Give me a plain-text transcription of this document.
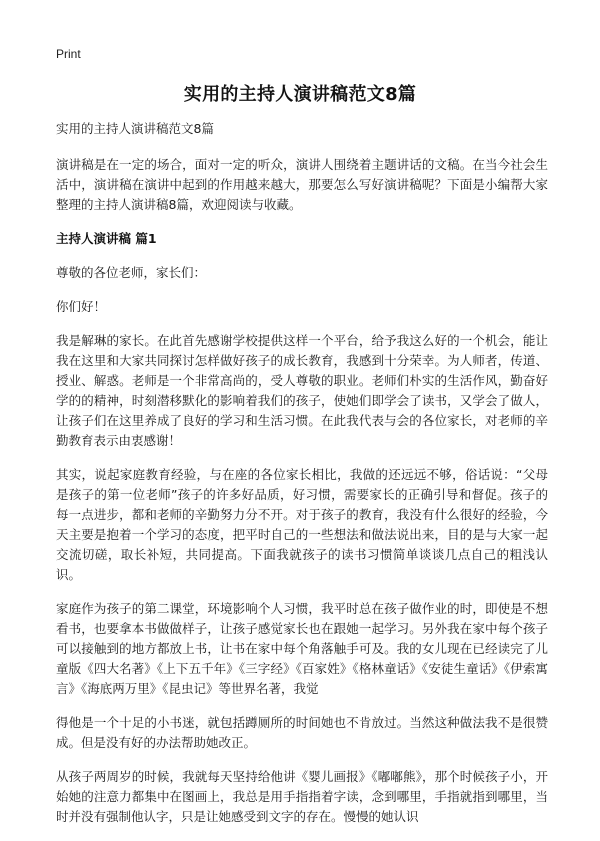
Print
实用的主持人演讲稿范文8篇

实用的主持人演讲稿范文8篇

演讲稿是在一定的场合，面对一定的听众，演讲人围绕着主题讲话的文稿。在当今社会生活中，演讲稿在演讲中起到的作用越来越大，那要怎么写好演讲稿呢？下面是小编帮大家整理的主持人演讲稿8篇，欢迎阅读与收藏。

主持人演讲稿 篇1

尊敬的各位老师，家长们：

你们好！

我是解琳的家长。在此首先感谢学校提供这样一个平台，给予我这么好的一个机会，能让我在这里和大家共同探讨怎样做好孩子的成长教育，我感到十分荣幸。为人师者，传道、授业、解惑。老师是一个非常高尚的，受人尊敬的职业。老师们朴实的生活作风，勤奋好学的的精神，时刻潜移默化的影响着我们的孩子，使她们即学会了读书，又学会了做人，让孩子们在这里养成了良好的学习和生活习惯。在此我代表与会的各位家长，对老师的辛勤教育表示由衷感谢！

其实，说起家庭教育经验，与在座的各位家长相比，我做的还远远不够，俗话说：“父母是孩子的第一位老师”孩子的许多好品质，好习惯，需要家长的正确引导和督促。孩子的每一点进步，都和老师的辛勤努力分不开。对于孩子的教育，我没有什么很好的经验，今天主要是抱着一个学习的态度，把平时自己的一些想法和做法说出来，目的是与大家一起交流切磋，取长补短，共同提高。下面我就孩子的读书习惯简单谈谈几点自己的粗浅认识。

家庭作为孩子的第二课堂，环境影响个人习惯，我平时总在孩子做作业的时，即使是不想看书，也要拿本书做做样子，让孩子感觉家长也在跟她一起学习。另外我在家中每个孩子可以接触到的地方都放上书，让书在家中每个角落触手可及。我的女儿现在已经读完了儿童版《四大名著》《上下五千年》《三字经》《百家姓》《格林童话》《安徒生童话》《伊索寓言》《海底两万里》《昆虫记》等世界名著，我觉

得他是一个十足的小书迷，就包括蹲厕所的时间她也不肯放过。当然这种做法我不是很赞成。但是没有好的办法帮助她改正。

从孩子两周岁的时候，我就每天坚持给他讲《婴儿画报》《嘟嘟熊》，那个时候孩子小，开始她的注意力都集中在图画上，我总是用手指指着字读，念到哪里，手指就指到哪里，当时并没有强制他认字，只是让她感受到文字的存在。慢慢的她认识
